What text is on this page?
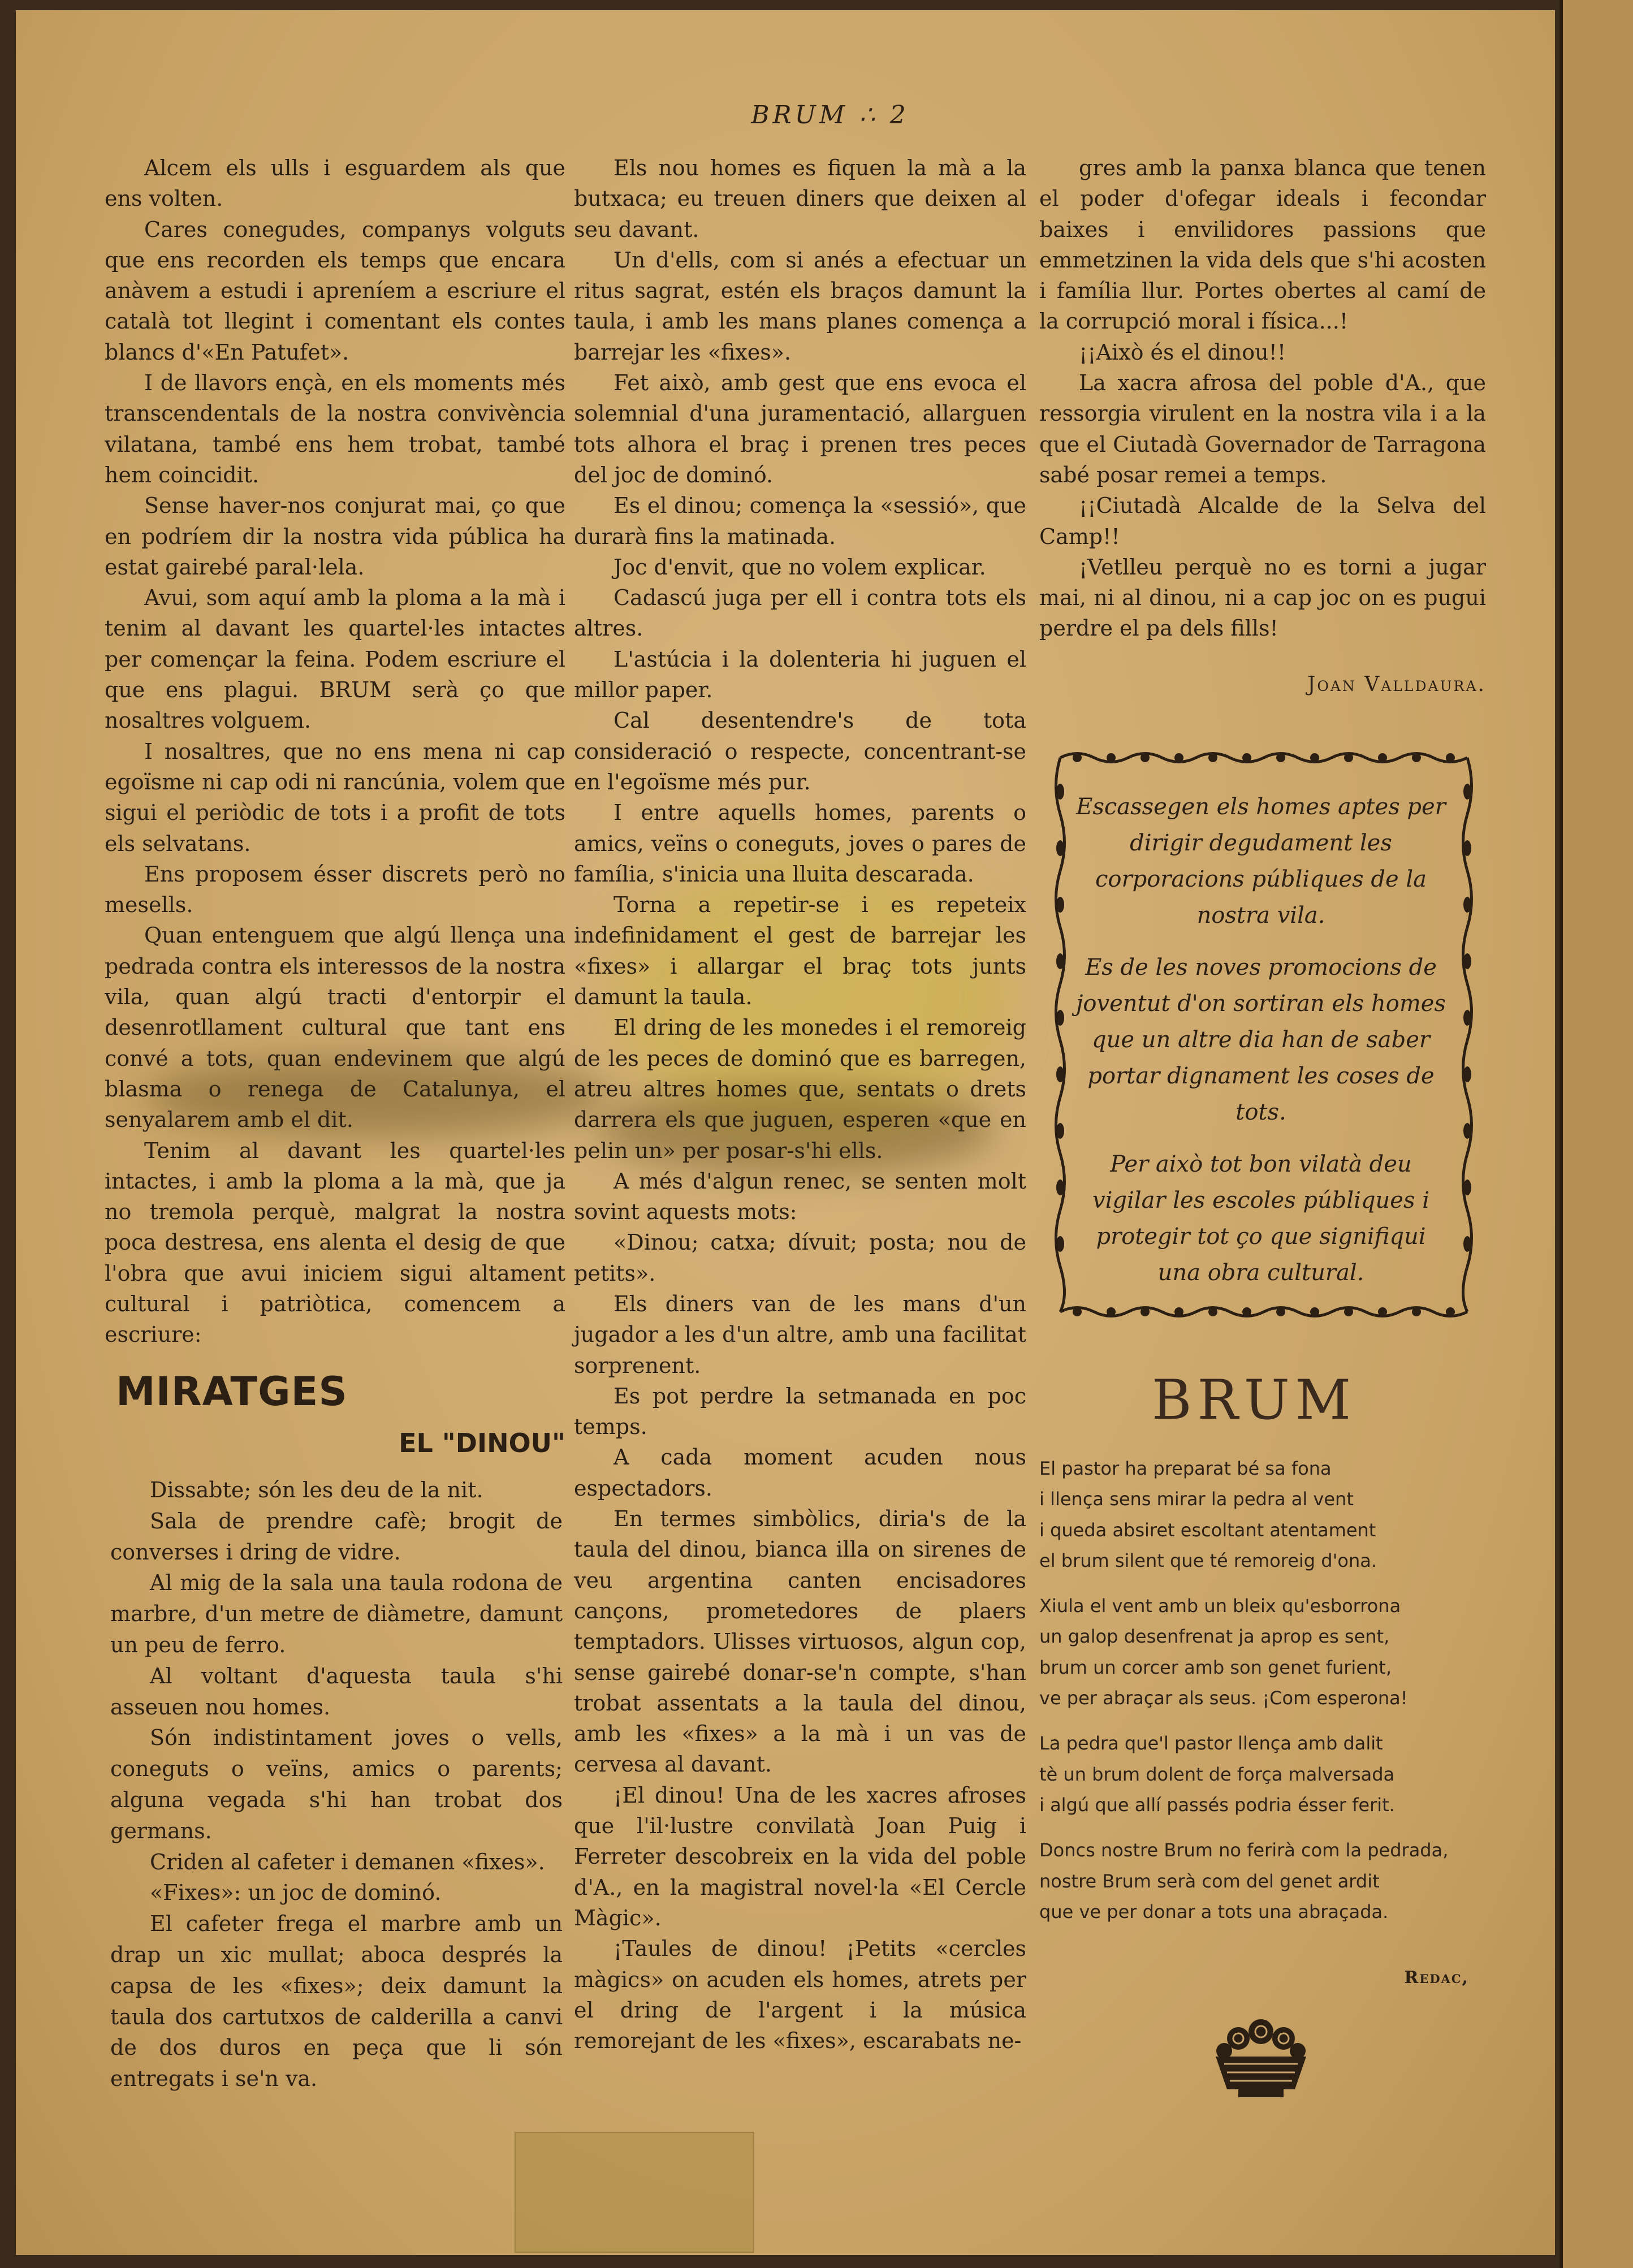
BRUM ∴ 2

Alcem els ulls i esguardem als que ens volten.

Cares conegudes, companys volguts que ens recorden els temps que encara anàvem a estudi i apreníem a escriure el català tot llegint i comentant els contes blancs d'«En Patufet».

I de llavors ençà, en els moments més transcendentals de la nostra convivència vilatana, també ens hem trobat, també hem coincidit.

Sense haver-nos conjurat mai, ço que en podríem dir la nostra vida pública ha estat gairebé paral·lela.

Avui, som aquí amb la ploma a la mà i tenim al davant les quartel·les intactes per començar la feina. Podem escriure el que ens plagui. BRUM serà ço que nosaltres volguem.

I nosaltres, que no ens mena ni cap egoïsme ni cap odi ni rancúnia, volem que sigui el periòdic de tots i a profit de tots els selvatans.

Ens proposem ésser discrets però no mesells.

Quan entenguem que algú llença una pedrada contra els interessos de la nostra vila, quan algú tracti d'entorpir el desenrotllament cultural que tant ens convé a tots, quan endevinem que algú blasma o renega de Catalunya, el senyalarem amb el dit.

Tenim al davant les quartel·les intactes, i amb la ploma a la mà, que ja no tremola perquè, malgrat la nostra poca destresa, ens alenta el desig de que l'obra que avui iniciem sigui altament cultural i patriòtica, comencem a escriure:

MIRATGES
EL "DINOU"

Dissabte; són les deu de la nit.

Sala de prendre cafè; brogit de converses i dring de vidre.

Al mig de la sala una taula rodona de marbre, d'un metre de diàmetre, damunt un peu de ferro.

Al voltant d'aquesta taula s'hi asseuen nou homes.

Són indistintament joves o vells, coneguts o veïns, amics o parents; alguna vegada s'hi han trobat dos germans.

Criden al cafeter i demanen «fixes».

«Fixes»: un joc de dominó.

El cafeter frega el marbre amb un drap un xic mullat; aboca després la capsa de les «fixes»; deix damunt la taula dos cartutxos de calderilla a canvi de dos duros en peça que li són entregats i se'n va.

Els nou homes es fiquen la mà a la butxaca; eu treuen diners que deixen al seu davant.

Un d'ells, com si anés a efectuar un ritus sagrat, estén els braços damunt la taula, i amb les mans planes comença a barrejar les «fixes».

Fet això, amb gest que ens evoca el solemnial d'una juramentació, allarguen tots alhora el braç i prenen tres peces del joc de dominó.

Es el dinou; comença la «sessió», que durarà fins la matinada.

Joc d'envit, que no volem explicar.

Cadascú juga per ell i contra tots els altres.

L'astúcia i la dolenteria hi juguen el millor paper.

Cal desentendre's de tota consideració o respecte, concentrant-se en l'egoïsme més pur.

I entre aquells homes, parents o amics, veïns o coneguts, joves o pares de família, s'inicia una lluita descarada.

Torna a repetir-se i es repeteix indefinidament el gest de barrejar les «fixes» i allargar el braç tots junts damunt la taula.

El dring de les monedes i el remoreig de les peces de dominó que es barregen, atreu altres homes que, sentats o drets darrera els que juguen, esperen «que en pelin un» per posar-s'hi ells.

A més d'algun renec, se senten molt sovint aquests mots:

«Dinou; catxa; dívuit; posta; nou de petits».

Els diners van de les mans d'un jugador a les d'un altre, amb una facilitat sorprenent.

Es pot perdre la setmanada en poc temps.

A cada moment acuden nous espectadors.

En termes simbòlics, diria's de la taula del dinou, bianca illa on sirenes de veu argentina canten encisadores cançons, prometedores de plaers temptadors. Ulisses virtuosos, algun cop, sense gairebé donar-se'n compte, s'han trobat assentats a la taula del dinou, amb les «fixes» a la mà i un vas de cervesa al davant.

¡El dinou! Una de les xacres afroses que l'il·lustre convilatà Joan Puig i Ferreter descobreix en la vida del poble d'A., en la magistral novel·la «El Cercle Màgic».

¡Taules de dinou! ¡Petits «cercles màgics» on acuden els homes, atrets per el dring de l'argent i la música remorejant de les «fixes», escarabats ne-

gres amb la panxa blanca que tenen el poder d'ofegar ideals i fecondar baixes i envilidores passions que emmetzinen la vida dels que s'hi acosten i família llur. Portes obertes al camí de la corrupció moral i física...!

¡¡Això és el dinou!!

La xacra afrosa del poble d'A., que ressorgia virulent en la nostra vila i a la que el Ciutadà Governador de Tarragona sabé posar remei a temps.

¡¡Ciutadà Alcalde de la Selva del Camp!!

¡Vetlleu perquè no es torni a jugar mai, ni al dinou, ni a cap joc on es pugui perdre el pa dels fills!

Joan Valldaura.

Escassegen els homes aptes per dirigir degudament les corporacions públiques de la nostra vila.

Es de les noves promocions de joventut d'on sortiran els homes que un altre dia han de saber portar dignament les coses de tots.

Per això tot bon vilatà deu vigilar les escoles públiques i protegir tot ço que signifiqui una obra cultural.

BRUM

El pastor ha preparat bé sa fona
i llença sens mirar la pedra al vent
i queda absiret escoltant atentament
el brum silent que té remoreig d'ona.

Xiula el vent amb un bleix qu'esborrona
un galop desenfrenat ja aprop es sent,
brum un corcer amb son genet furient,
ve per abraçar als seus. ¡Com esperona!

La pedra que'l pastor llença amb dalit
tè un brum dolent de força malversada
i algú que allí passés podria ésser ferit.

Doncs nostre Brum no ferirà com la pedrada,
nostre Brum serà com del genet ardit
que ve per donar a tots una abraçada.

Redac,
